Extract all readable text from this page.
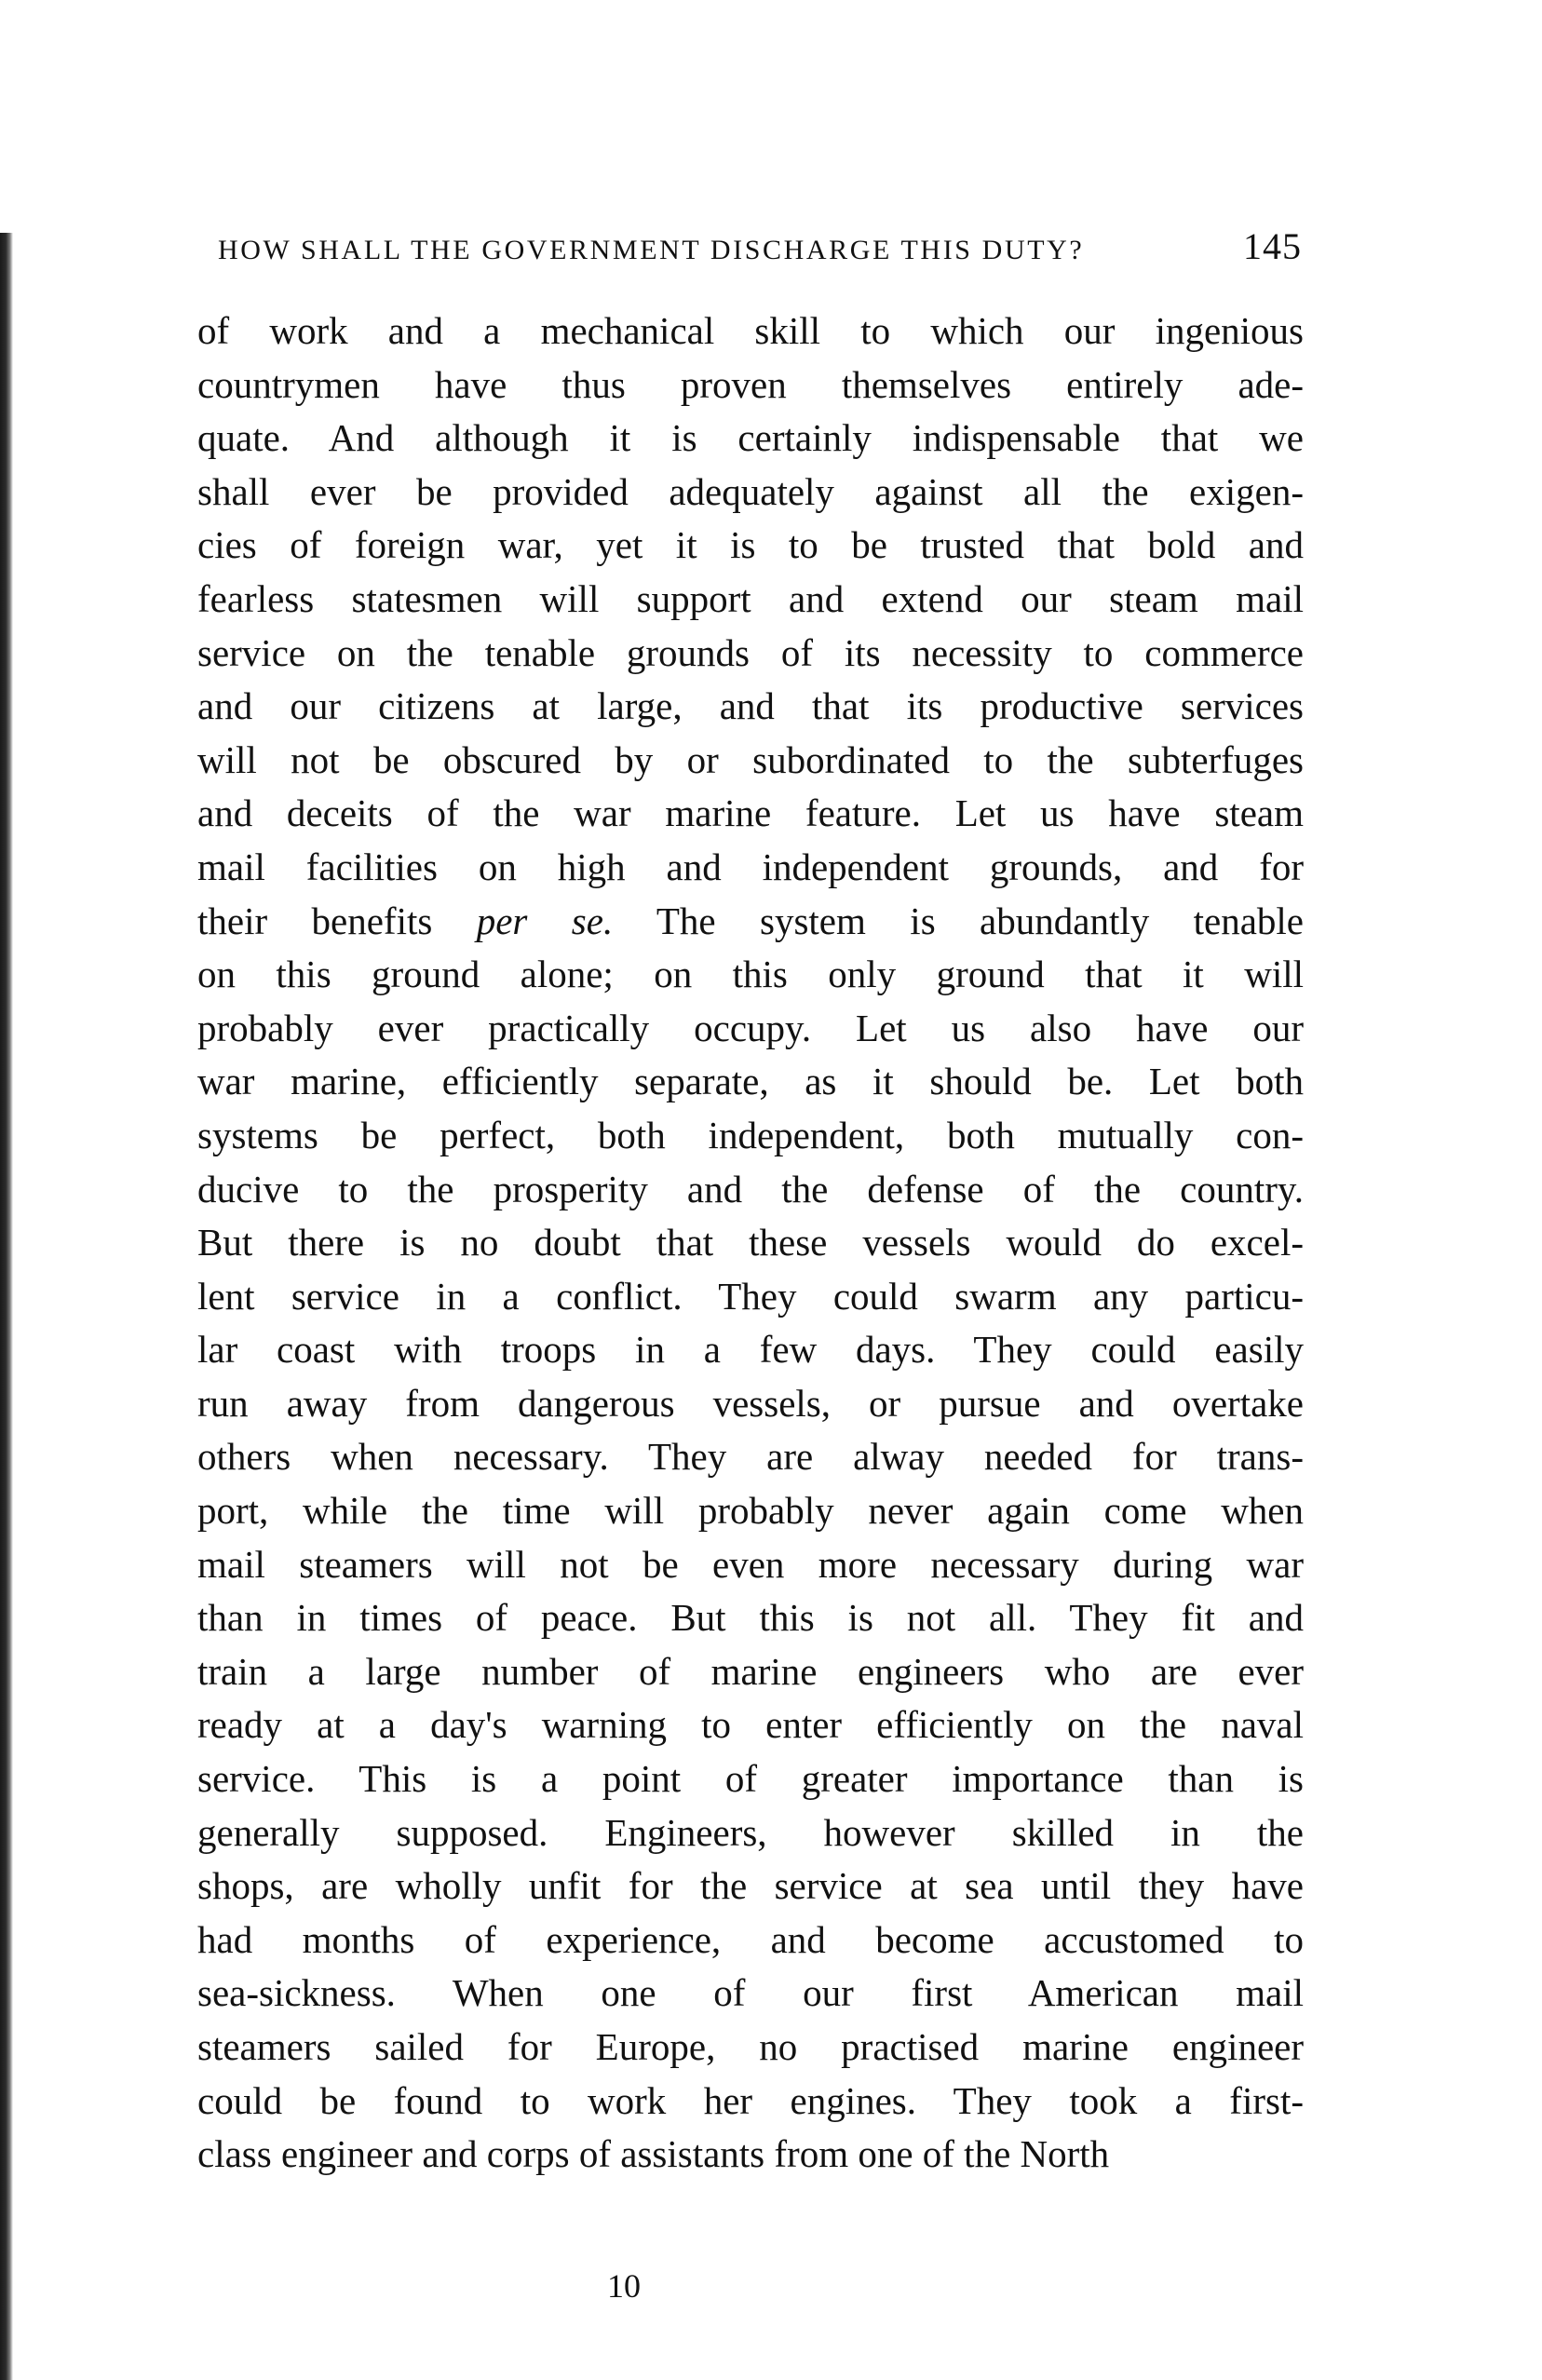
HOW SHALL THE GOVERNMENT DISCHARGE THIS DUTY?	145
of work and a mechanical skill to which our ingenious
countrymen have thus proven themselves entirely ade-
quate. And although it is certainly indispensable that we
shall ever be provided adequately against all the exigen-
cies of foreign war, yet it is to be trusted that bold and
fearless statesmen will support and extend our steam mail
service on the tenable grounds of its necessity to commerce
and our citizens at large, and that its productive services
will not be obscured by or subordinated to the subterfuges
and deceits of the war marine feature. Let us have steam
mail facilities on high and independent grounds, and for
their benefits per se. The system is abundantly tenable
on this ground alone; on this only ground that it will
probably ever practically occupy. Let us also have our
war marine, efficiently separate, as it should be. Let both
systems be perfect, both independent, both mutually con-
ducive to the prosperity and the defense of the country.
But there is no doubt that these vessels would do excel-
lent service in a conflict. They could swarm any particu-
lar coast with troops in a few days. They could easily
run away from dangerous vessels, or pursue and overtake
others when necessary. They are alway needed for trans-
port, while the time will probably never again come when
mail steamers will not be even more necessary during war
than in times of peace. But this is not all. They fit and
train a large number of marine engineers who are ever
ready at a day's warning to enter efficiently on the naval
service. This is a point of greater importance than is
generally supposed. Engineers, however skilled in the
shops, are wholly unfit for the service at sea until they have
had months of experience, and become accustomed to
sea-sickness. When one of our first American mail
steamers sailed for Europe, no practised marine engineer
could be found to work her engines. They took a first-
class engineer and corps of assistants from one of the North
10
